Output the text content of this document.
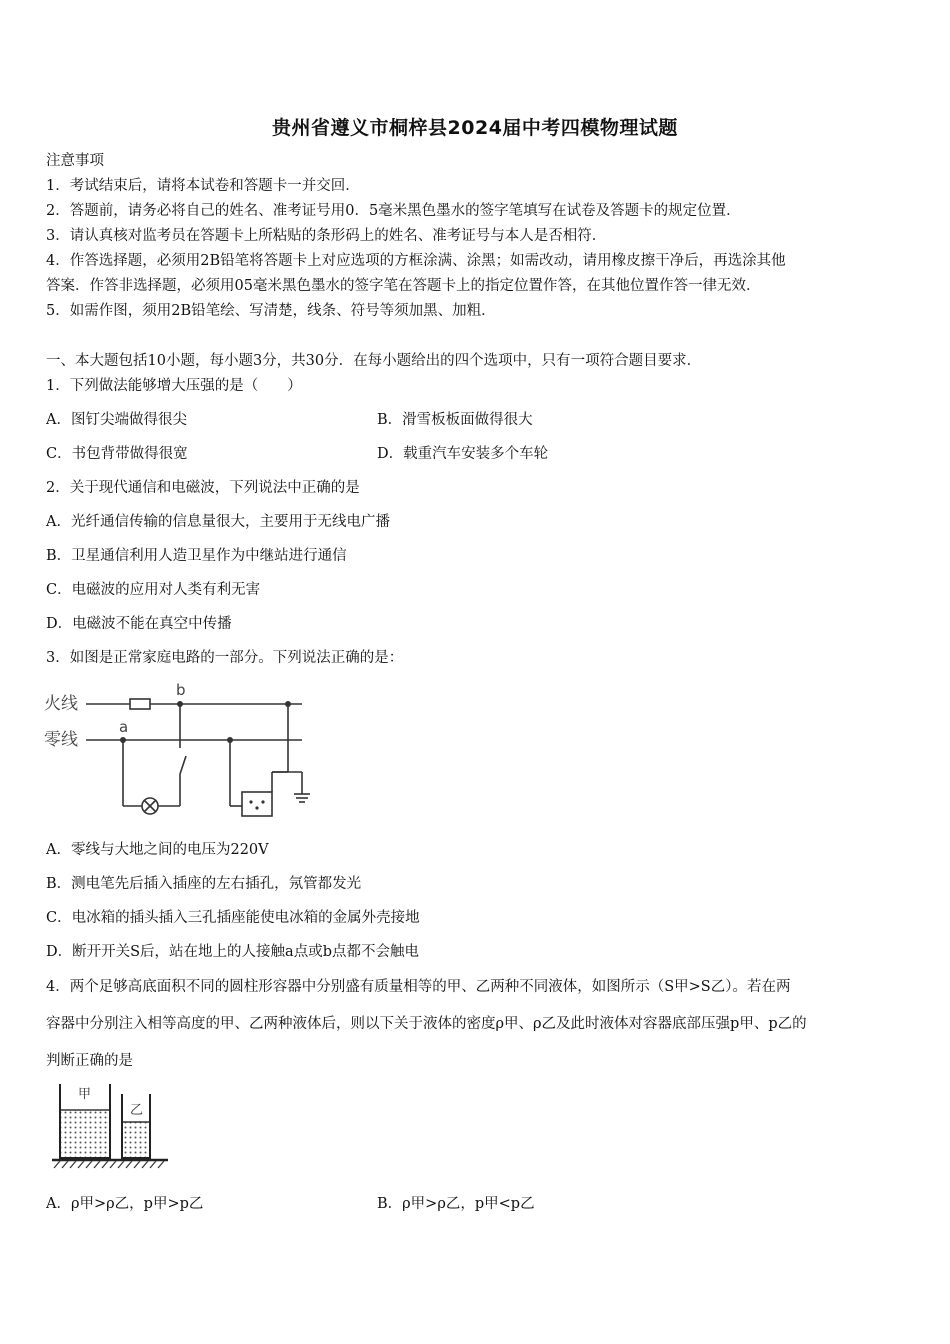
贵州省遵义市桐梓县2024届中考四模物理试题
注意事项
1．考试结束后，请将本试卷和答题卡一并交回．
2．答题前，请务必将自己的姓名、准考证号用0．5毫米黑色墨水的签字笔填写在试卷及答题卡的规定位置．
3．请认真核对监考员在答题卡上所粘贴的条形码上的姓名、准考证号与本人是否相符．
4．作答选择题，必须用2B铅笔将答题卡上对应选项的方框涂满、涂黑；如需改动，请用橡皮擦干净后，再选涂其他
答案．作答非选择题，必须用05毫米黑色墨水的签字笔在答题卡上的指定位置作答，在其他位置作答一律无效．
5．如需作图，须用2B铅笔绘、写清楚，线条、符号等须加黑、加粗．
一、本大题包括10小题，每小题3分，共30分．在每小题给出的四个选项中，只有一项符合题目要求．
1．下列做法能够增大压强的是（　　）
A．图钉尖端做得很尖	B．滑雪板板面做得很大
C．书包背带做得很宽	D．载重汽车安装多个车轮
2．关于现代通信和电磁波，下列说法中正确的是
A．光纤通信传输的信息量很大，主要用于无线电广播
B．卫星通信利用人造卫星作为中继站进行通信
C．电磁波的应用对人类有利无害
D．电磁波不能在真空中传播
3．如图是正常家庭电路的一部分。下列说法正确的是：
火线
零线
a
b
A．零线与大地之间的电压为220V
B．测电笔先后插入插座的左右插孔，氖管都发光
C．电冰箱的插头插入三孔插座能使电冰箱的金属外壳接地
D．断开开关S后，站在地上的人接触a点或b点都不会触电
4．两个足够高底面积不同的圆柱形容器中分别盛有质量相等的甲、乙两种不同液体，如图所示（S甲>S乙）。若在两
容器中分别注入相等高度的甲、乙两种液体后，则以下关于液体的密度ρ甲、ρ乙及此时液体对容器底部压强p甲、p乙的
判断正确的是
甲
乙
A．ρ甲>ρ乙，p甲>p乙	B．ρ甲>ρ乙，p甲<p乙
